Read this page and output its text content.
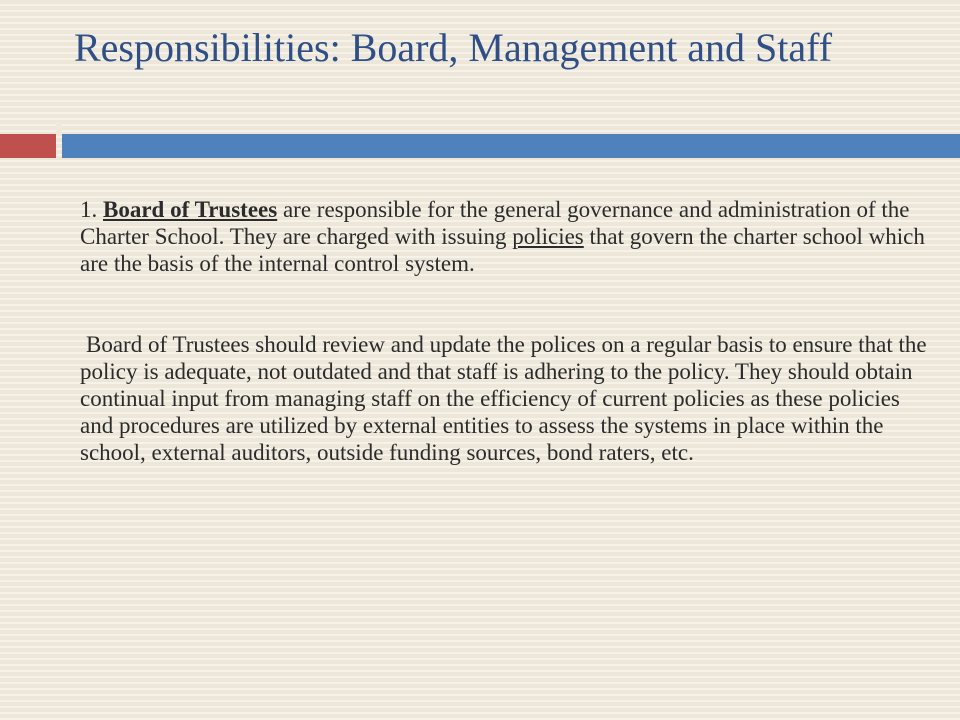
Responsibilities: Board, Management and Staff

1. Board of Trustees are responsible for the general governance and administration of the Charter School. They are charged with issuing policies that govern the charter school which are the basis of the internal control system.

Board of Trustees should review and update the polices on a regular basis to ensure that the policy is adequate, not outdated and that staff is adhering to the policy. They should obtain continual input from managing staff on the efficiency of current policies as these policies and procedures are utilized by external entities to assess the systems in place within the school, external auditors, outside funding sources, bond raters, etc.
